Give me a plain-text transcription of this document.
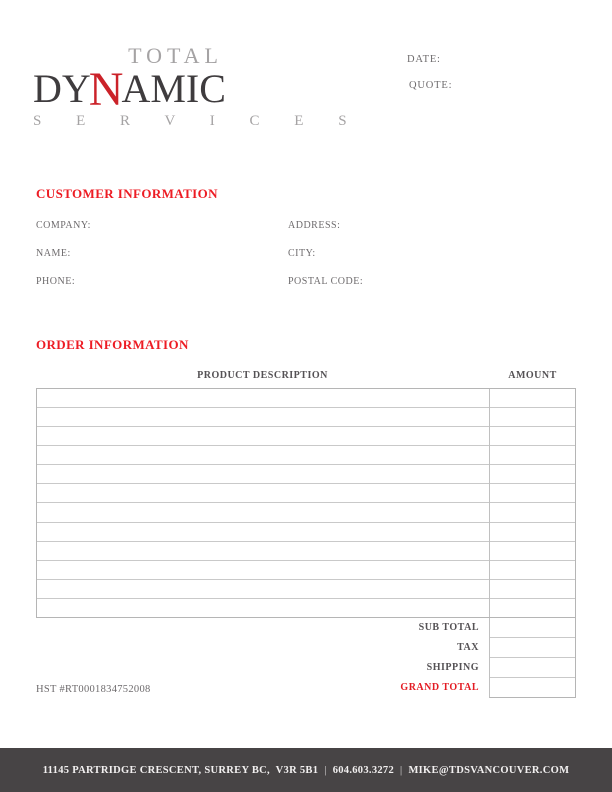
TOTAL
DYNAMIC
S E R V I C E S
DATE:
QUOTE:
CUSTOMER INFORMATION
COMPANY:
NAME:
PHONE:
ADDRESS:
CITY:
POSTAL CODE:
ORDER INFORMATION
PRODUCT DESCRIPTION	AMOUNT
SUB TOTAL
TAX
SHIPPING
GRAND TOTAL
HST #RT0001834752008
11145 PARTRIDGE CRESCENT, SURREY BC,  V3R 5B1 | 604.603.3272 | MIKE@TDSVANCOUVER.COM
